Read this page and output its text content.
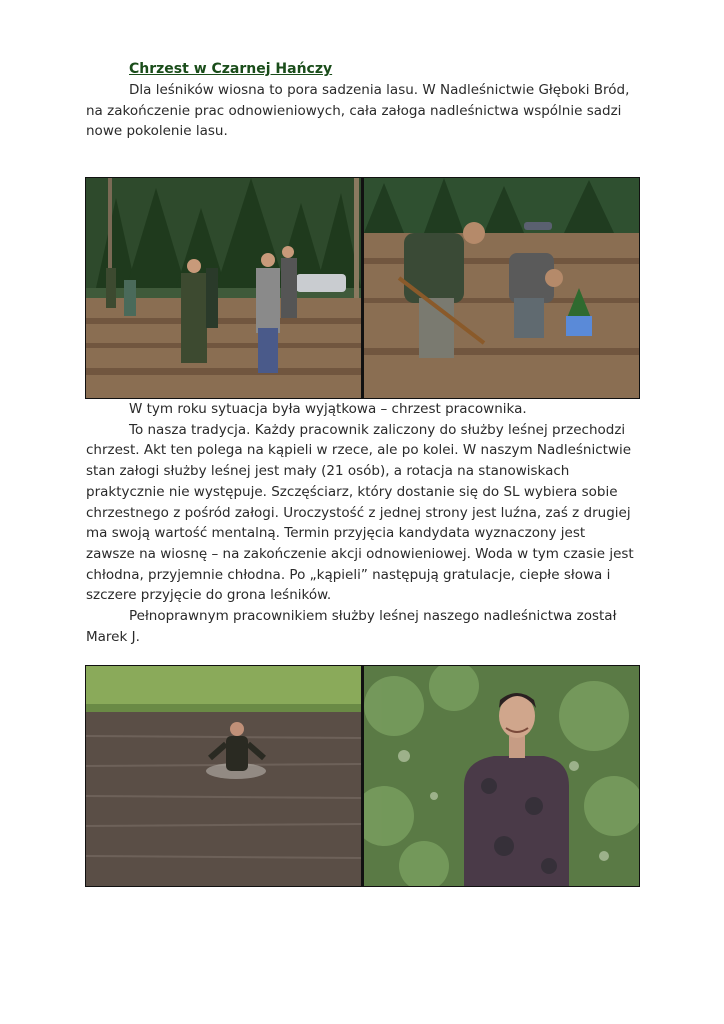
Chrzest w Czarnej Hańczy

Dla leśników wiosna to pora sadzenia lasu. W Nadleśnictwie Głęboki Bród, na zakończenie prac odnowieniowych, cała załoga nadleśnictwa wspólnie sadzi nowe pokolenie lasu.

W tym roku sytuacja była wyjątkowa – chrzest pracownika.

To nasza tradycja. Każdy pracownik zaliczony do służby leśnej przechodzi chrzest. Akt ten polega na kąpieli w rzece, ale po kolei. W naszym Nadleśnictwie stan załogi służby leśnej jest mały (21 osób), a rotacja na stanowiskach praktycznie nie występuje. Szczęściarz, który dostanie się do SL wybiera sobie chrzestnego z pośród załogi. Uroczystość z jednej strony jest luźna, zaś z drugiej ma swoją wartość mentalną. Termin przyjęcia kandydata wyznaczony jest zawsze na wiosnę – na zakończenie akcji odnowieniowej. Woda w tym czasie jest chłodna, przyjemnie chłodna. Po „kąpieli” następują gratulacje, ciepłe słowa i szczere przyjęcie do grona leśników.

Pełnoprawnym pracownikiem służby leśnej naszego nadleśnictwa został Marek J.
